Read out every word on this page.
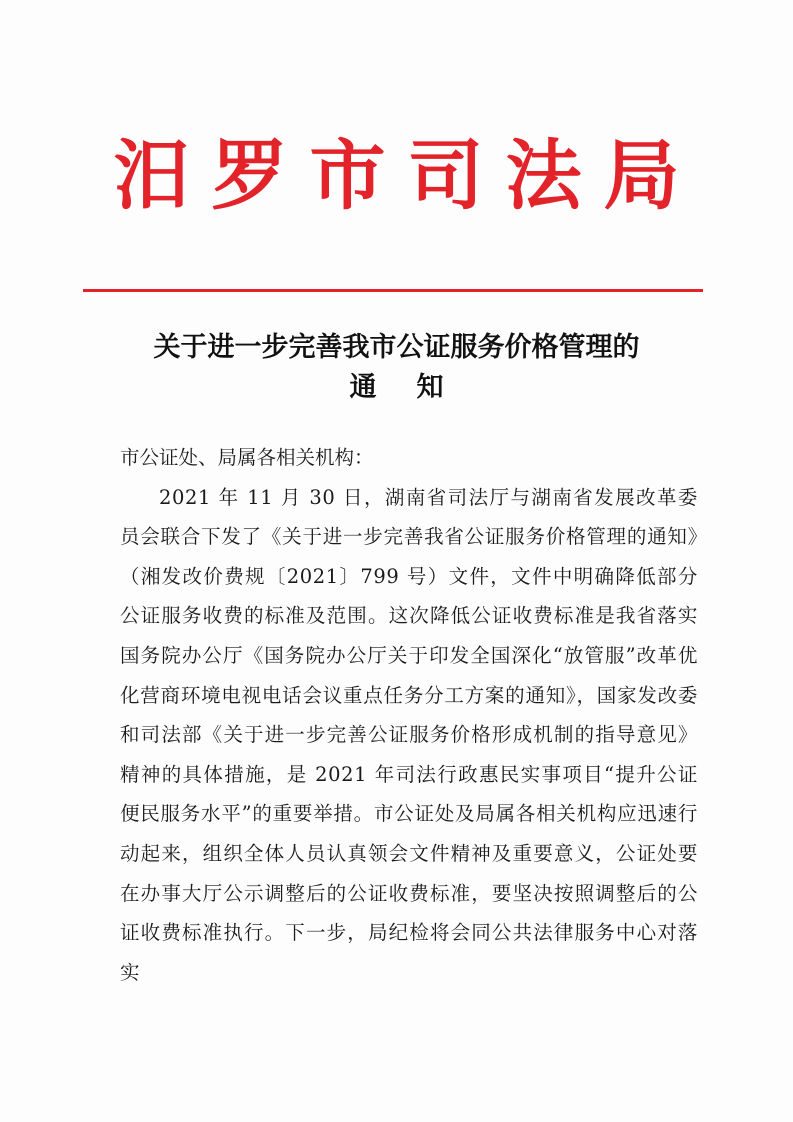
汨罗市司法局
关于进一步完善我市公证服务价格管理的
通知

市公证处、局属各相关机构：

2021 年 11 月 30 日，湖南省司法厅与湖南省发展改革委员会联合下发了《关于进一步完善我省公证服务价格管理的通知》（湘发改价费规〔2021〕799 号）文件，文件中明确降低部分公证服务收费的标准及范围。这次降低公证收费标准是我省落实国务院办公厅《国务院办公厅关于印发全国深化“放管服”改革优化营商环境电视电话会议重点任务分工方案的通知》，国家发改委和司法部《关于进一步完善公证服务价格形成机制的指导意见》精神的具体措施，是 2021 年司法行政惠民实事项目“提升公证便民服务水平”的重要举措。市公证处及局属各相关机构应迅速行动起来，组织全体人员认真领会文件精神及重要意义，公证处要在办事大厅公示调整后的公证收费标准，要坚决按照调整后的公证收费标准执行。下一步，局纪检将会同公共法律服务中心对落实
